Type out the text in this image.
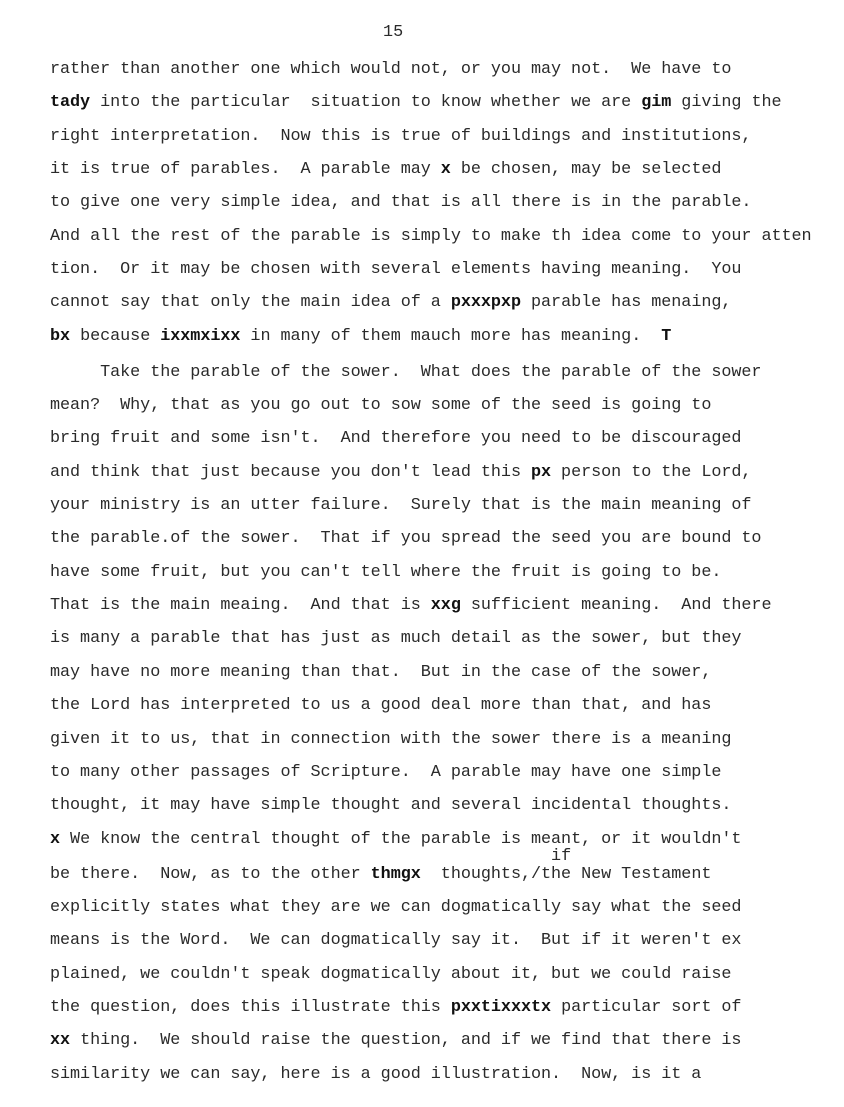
15
if
rather than another one which would not, or you may not.  We have to
tady into the particular  situation to know whether we are gim giving the
right interpretation.  Now this is true of buildings and institutions,
it is true of parables.  A parable may x be chosen, may be selected
to give one very simple idea, and that is all there is in the parable.
And all the rest of the parable is simply to make th idea come to your atten
tion.  Or it may be chosen with several elements having meaning.  You
cannot say that only the main idea of a pxxxpxp parable has menaing,
bx because ixxmxixx in many of them mauch more has meaning.  T
Take the parable of the sower.  What does the parable of the sower
mean?  Why, that as you go out to sow some of the seed is going to
bring fruit and some isn't.  And therefore you need to be discouraged
and think that just because you don't lead this px person to the Lord,
your ministry is an utter failure.  Surely that is the main meaning of
the parable.of the sower.  That if you spread the seed you are bound to
have some fruit, but you can't tell where the fruit is going to be.
That is the main meaing.  And that is xxg sufficient meaning.  And there
is many a parable that has just as much detail as the sower, but they
may have no more meaning than that.  But in the case of the sower,
the Lord has interpreted to us a good deal more than that, and has
given it to us, that in connection with the sower there is a meaning
to many other passages of Scripture.  A parable may have one simple
thought, it may have simple thought and several incidental thoughts.
x We know the central thought of the parable is meant, or it wouldn't
be there.  Now, as to the other thmgx  thoughts,/the New Testament
explicitly states what they are we can dogmatically say what the seed
means is the Word.  We can dogmatically say it.  But if it weren't ex
plained, we couldn't speak dogmatically about it, but we could raise
the question, does this illustrate this pxxtixxxtx particular sort of
xx thing.  We should raise the question, and if we find that there is
similarity we can say, here is a good illustration.  Now, is it a
